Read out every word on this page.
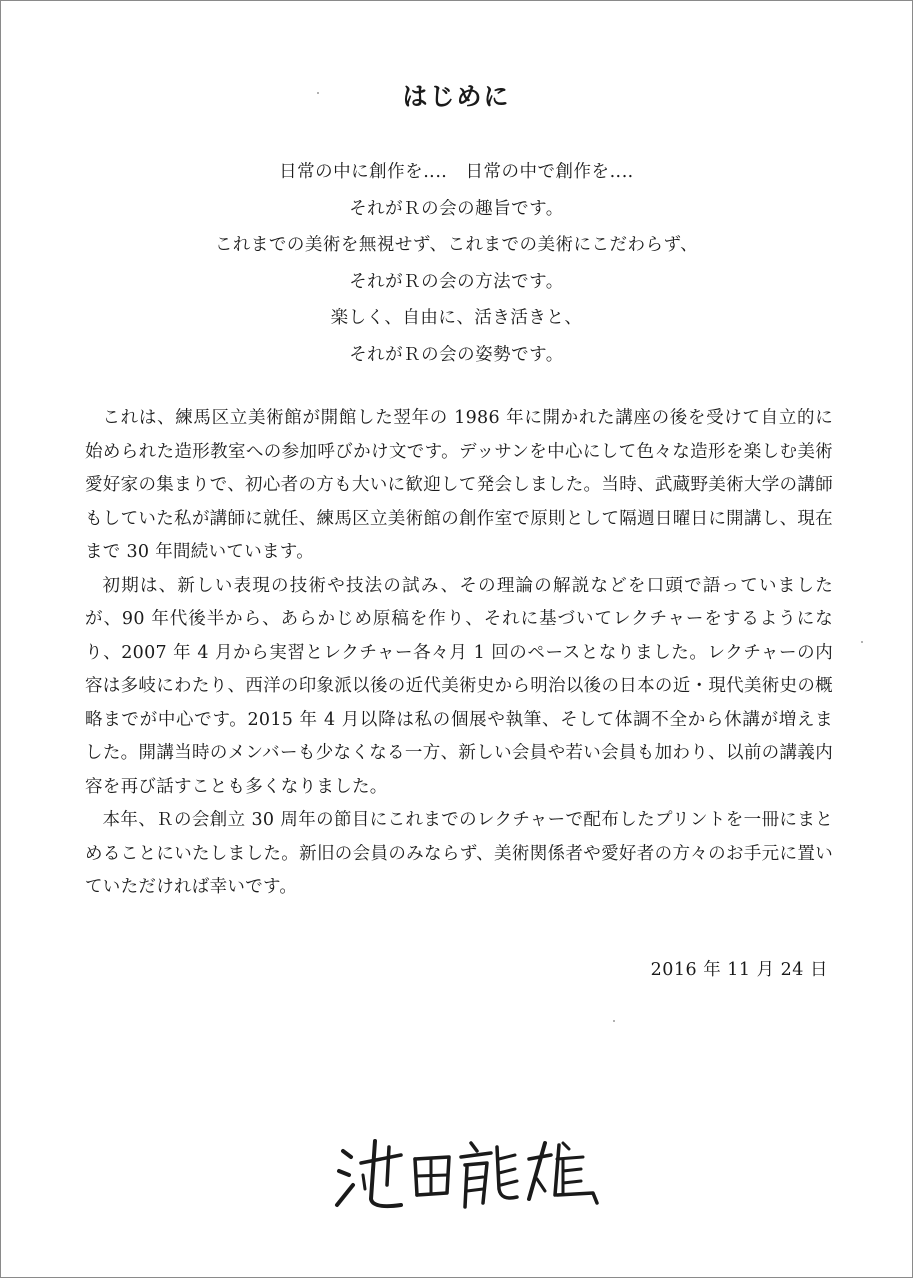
はじめに
日常の中に創作を‥‥　日常の中で創作を‥‥
それがＲの会の趣旨です。
これまでの美術を無視せず、これまでの美術にこだわらず、
それがＲの会の方法です。
楽しく、自由に、活き活きと、
それがＲの会の姿勢です。

これは、練馬区立美術館が開館した翌年の 1986 年に開かれた講座の後を受けて自立的に始められた造形教室への参加呼びかけ文です。デッサンを中心にして色々な造形を楽しむ美術愛好家の集まりで、初心者の方も大いに歓迎して発会しました。当時、武蔵野美術大学の講師もしていた私が講師に就任、練馬区立美術館の創作室で原則として隔週日曜日に開講し、現在まで 30 年間続いています。

初期は、新しい表現の技術や技法の試み、その理論の解説などを口頭で語っていましたが、90 年代後半から、あらかじめ原稿を作り、それに基づいてレクチャーをするようになり、2007 年 4 月から実習とレクチャー各々月 1 回のペースとなりました。レクチャーの内容は多岐にわたり、西洋の印象派以後の近代美術史から明治以後の日本の近・現代美術史の概略までが中心です。2015 年 4 月以降は私の個展や執筆、そして体調不全から休講が増えました。開講当時のメンバーも少なくなる一方、新しい会員や若い会員も加わり、以前の講義内容を再び話すことも多くなりました。

本年、Ｒの会創立 30 周年の節目にこれまでのレクチャーで配布したプリントを一冊にまとめることにいたしました。新旧の会員のみならず、美術関係者や愛好者の方々のお手元に置いていただければ幸いです。

2016 年 11 月 24 日
